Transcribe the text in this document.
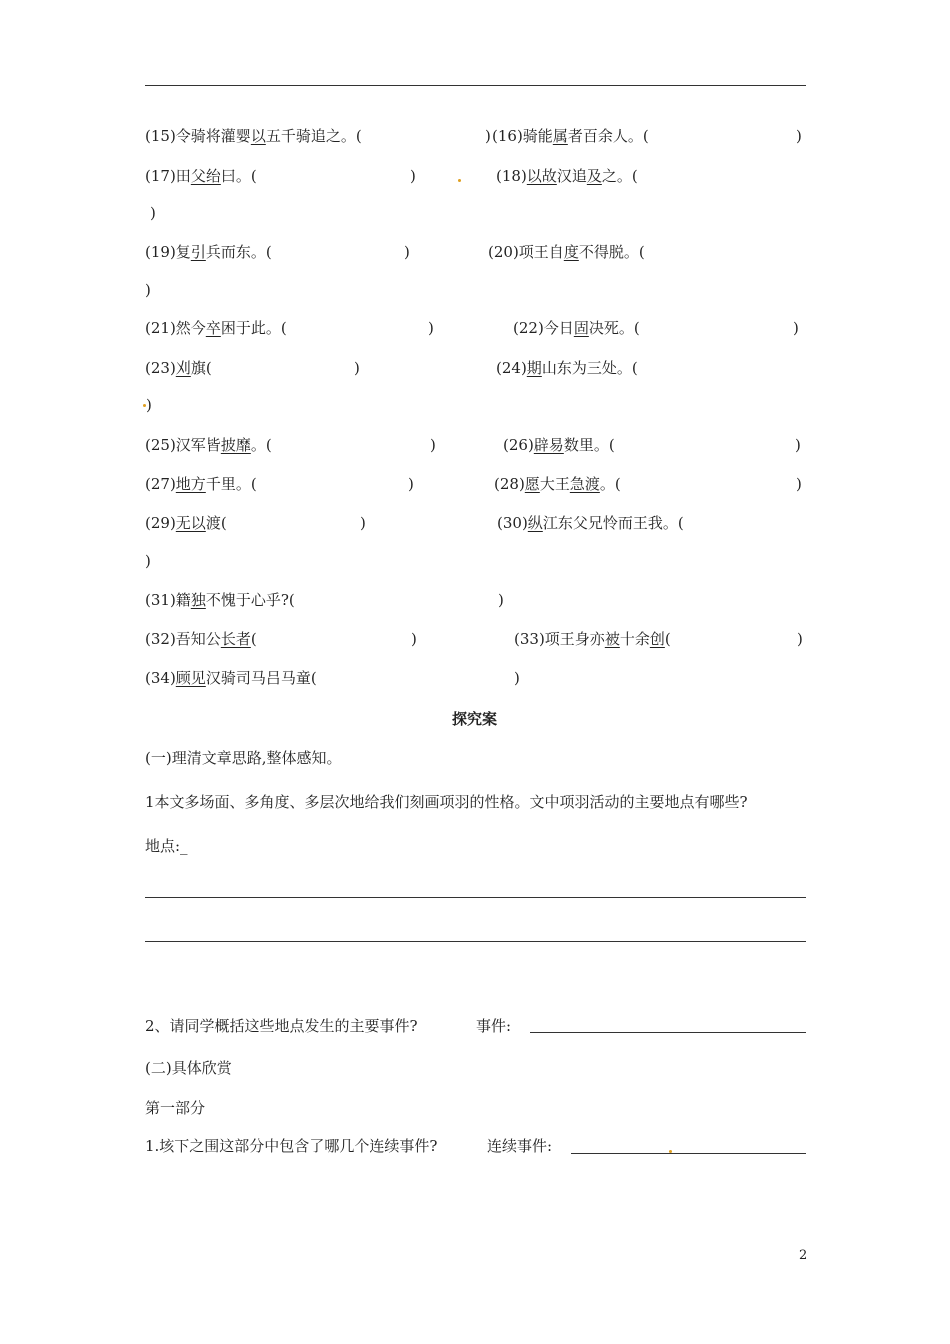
(15)令骑将灌婴以五千骑追之。(	) (16)骑能属者百余人。(	)
(17)田父绐曰。(	)	(18)以故汉追及之。(
)
(19)复引兵而东。(	)	(20)项王自度不得脱。(
)
(21)然今卒困于此。(	)	(22)今日固决死。(	)
(23)刈旗(	)	(24)期山东为三处。(
)
(25)汉军皆披靡。(	)	(26)辟易数里。(	)
(27)地方千里。(	)	(28)愿大王急渡。(	)
(29)无以渡(	)	(30)纵江东父兄怜而王我。(
)
(31)籍独不愧于心乎?(	)
(32)吾知公长者(	)	(33)项王身亦被十余创(	)
(34)顾见汉骑司马吕马童(	)
探究案
(一)理清文章思路,整体感知。
1本文多场面、多角度、多层次地给我们刻画项羽的性格。文中项羽活动的主要地点有哪些?
地点:_
2、请同学概括这些地点发生的主要事件?	事件:
(二)具体欣赏
第一部分
1.垓下之围这部分中包含了哪几个连续事件?	连续事件:
2
